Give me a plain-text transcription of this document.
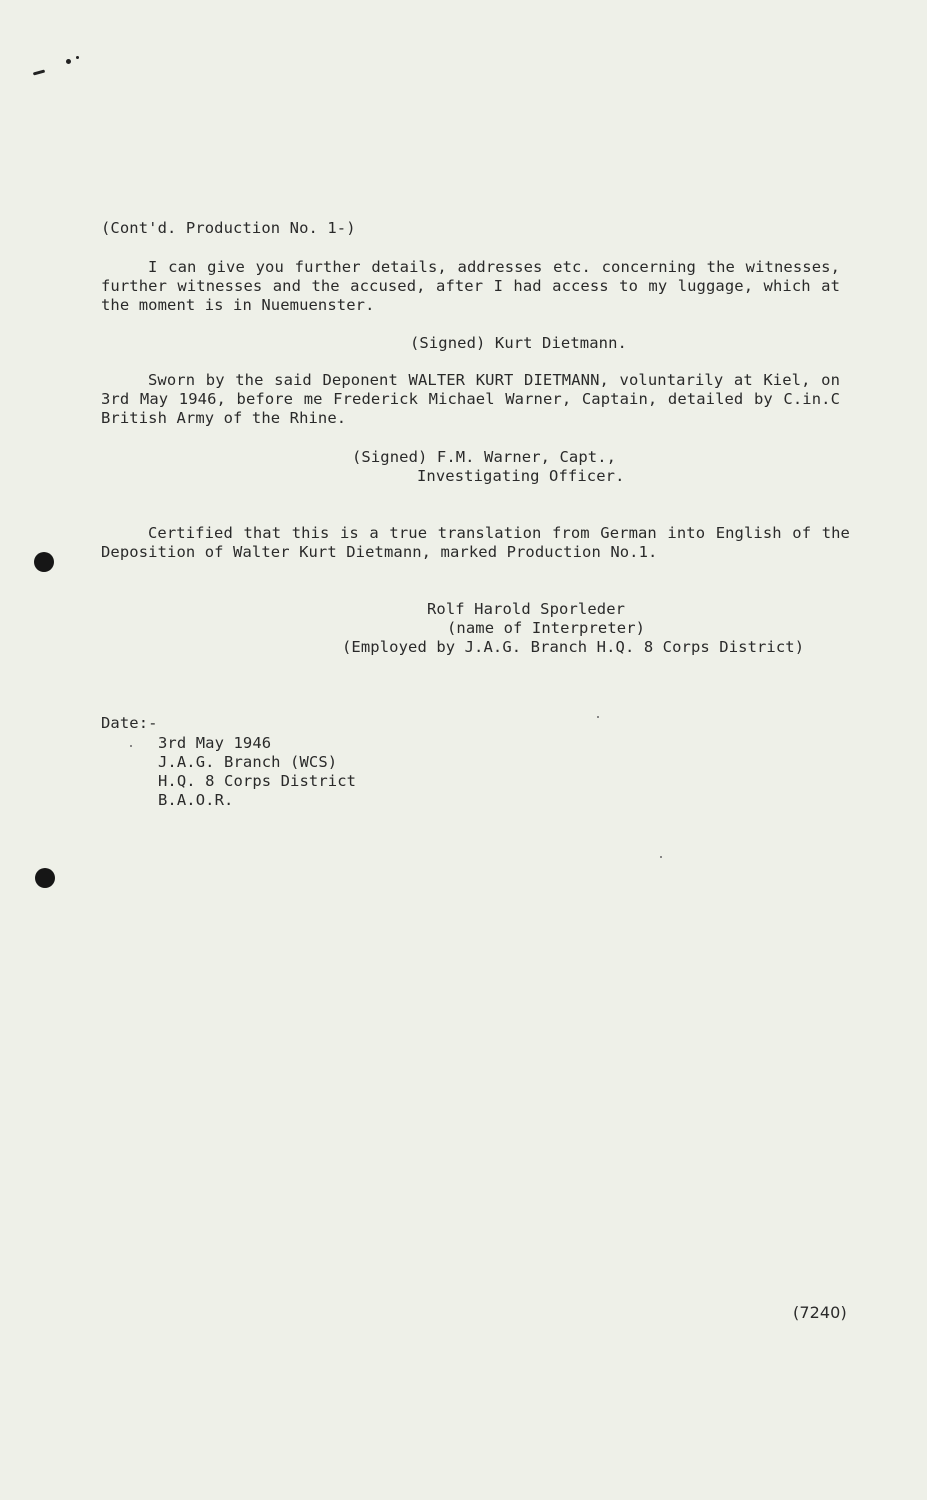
(Cont'd. Production No. 1-)
I can give you further details, addresses etc. concerning the witnesses,
further witnesses and the accused, after I had access to my luggage, which at
the moment is in Nuemuenster.
(Signed) Kurt Dietmann.
Sworn by the said Deponent WALTER KURT DIETMANN, voluntarily at Kiel, on
3rd May 1946, before me Frederick Michael Warner, Captain, detailed by C.in.C
British Army of the Rhine.
(Signed) F.M. Warner, Capt.,
Investigating Officer.
Certified that this is a true translation from German into English of the
Deposition of Walter Kurt Dietmann, marked Production No.1.
Rolf Harold Sporleder
(name of Interpreter)
(Employed by J.A.G. Branch H.Q. 8 Corps District)
Date:-
3rd May 1946
J.A.G. Branch (WCS)
H.Q. 8 Corps District
B.A.O.R.
(7240)
